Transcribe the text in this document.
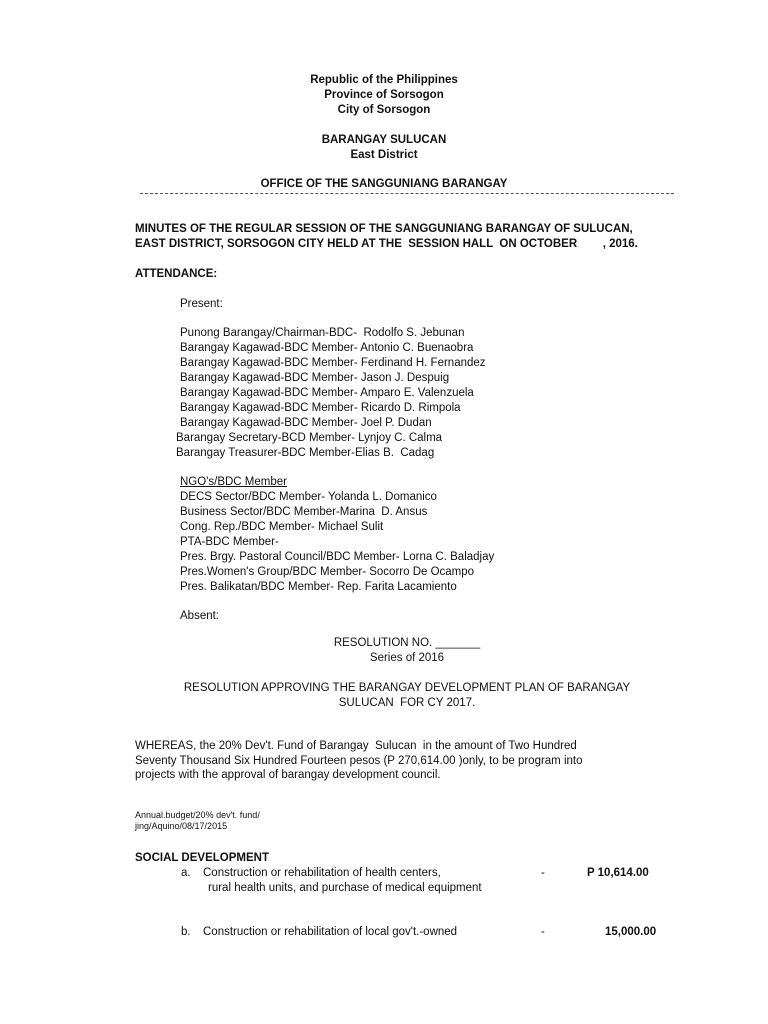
Republic of the Philippines
Province of Sorsogon
City of Sorsogon
BARANGAY SULUCAN
East District
OFFICE OF THE SANGGUNIANG BARANGAY
MINUTES OF THE REGULAR SESSION OF THE SANGGUNIANG BARANGAY OF SULUCAN,
EAST DISTRICT, SORSOGON CITY HELD AT THE  SESSION HALL  ON OCTOBER        , 2016.
ATTENDANCE:
Present:
Punong Barangay/Chairman-BDC-  Rodolfo S. Jebunan
Barangay Kagawad-BDC Member- Antonio C. Buenaobra
Barangay Kagawad-BDC Member- Ferdinand H. Fernandez
Barangay Kagawad-BDC Member- Jason J. Despuig
Barangay Kagawad-BDC Member- Amparo E. Valenzuela
Barangay Kagawad-BDC Member- Ricardo D. Rimpola
Barangay Kagawad-BDC Member- Joel P. Dudan
Barangay Secretary-BCD Member- Lynjoy C. Calma
Barangay Treasurer-BDC Member-Elias B.  Cadag
NGO's/BDC Member
DECS Sector/BDC Member- Yolanda L. Domanico
Business Sector/BDC Member-Marina  D. Ansus
Cong. Rep./BDC Member- Michael Sulit
PTA-BDC Member-
Pres. Brgy. Pastoral Council/BDC Member- Lorna C. Baladjay
Pres.Women's Group/BDC Member- Socorro De Ocampo
Pres. Balikatan/BDC Member- Rep. Farita Lacamiento
Absent:
RESOLUTION NO. _______
Series of 2016
RESOLUTION APPROVING THE BARANGAY DEVELOPMENT PLAN OF BARANGAY
SULUCAN  FOR CY 2017.
WHEREAS, the 20% Dev't. Fund of Barangay  Sulucan  in the amount of Two Hundred
Seventy Thousand Six Hundred Fourteen pesos (P 270,614.00 )only, to be program into
projects with the approval of barangay development council.
Annual.budget/20% dev't. fund/
jing/Aquino/08/17/2015
SOCIAL DEVELOPMENT
a. Construction or rehabilitation of health centers,
rural health units, and purchase of medical equipment
-	P 10,614.00
b. Construction or rehabilitation of local gov't.-owned	-	15,000.00
